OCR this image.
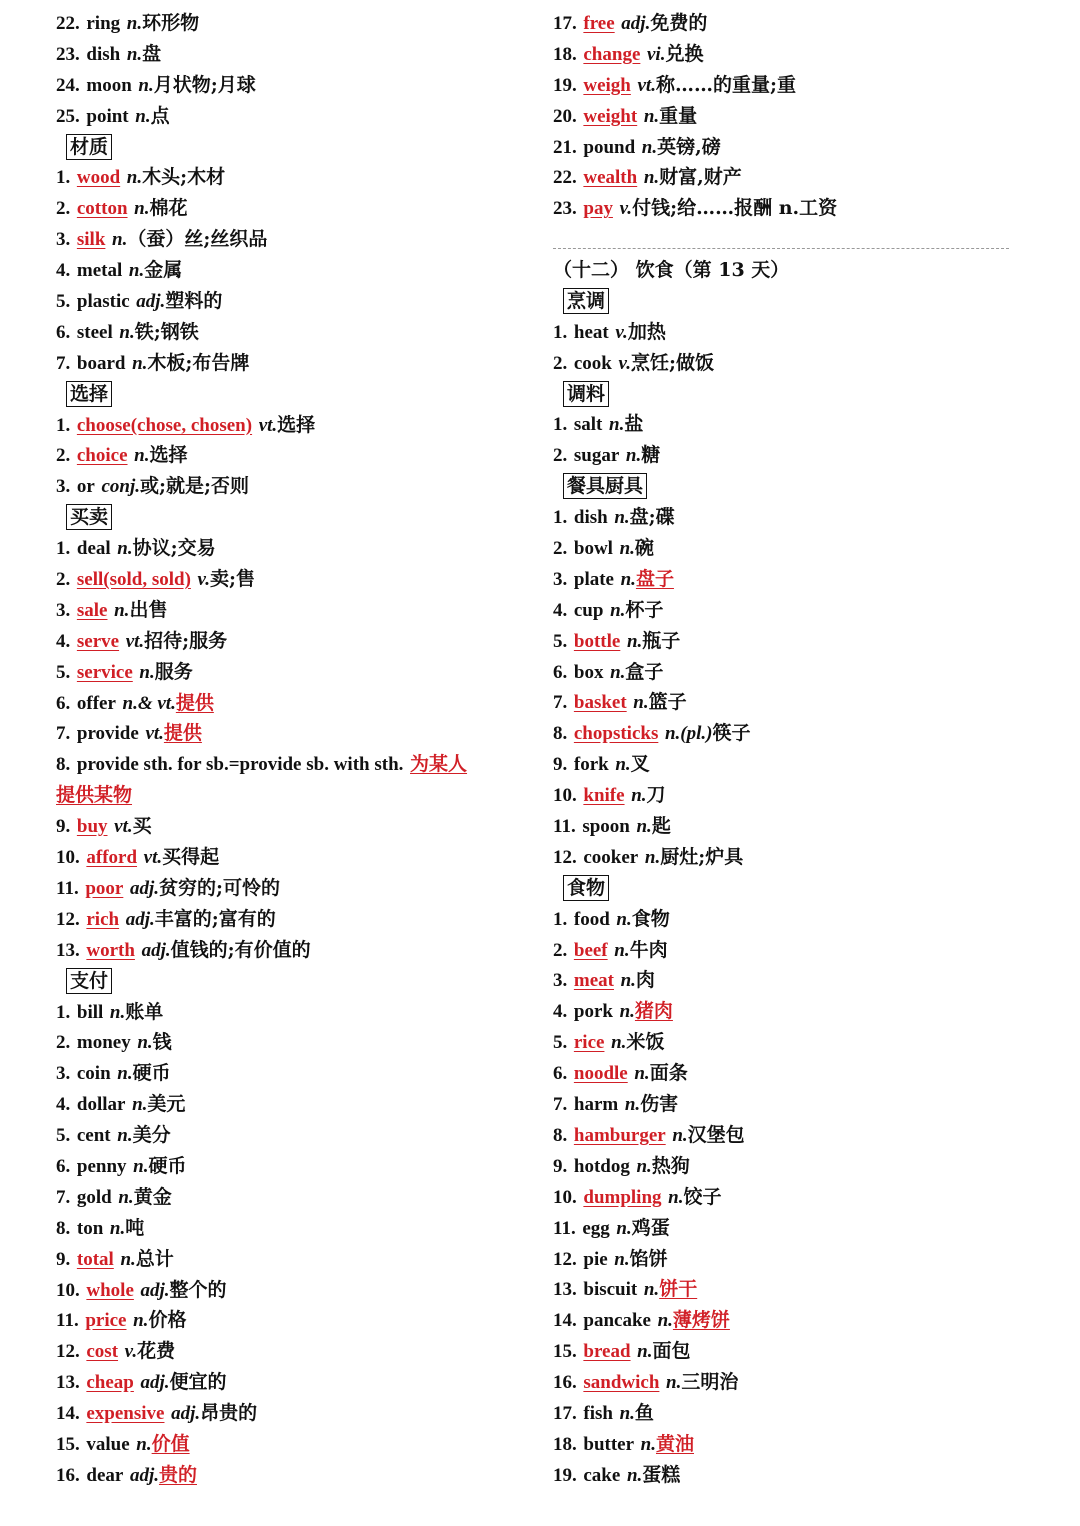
22. ring n.环形物
23. dish n.盘
24. moon n.月状物;月球
25. point n.点
材质
1. wood n.木头;木材
2. cotton n.棉花
3. silk n.（蚕）丝;丝织品
4. metal n.金属
5. plastic adj.塑料的
6. steel n.铁;钢铁
7. board n.木板;布告牌
选择
1. choose(chose, chosen) vt.选择
2. choice n.选择
3. or conj.或;就是;否则
买卖
1. deal n.协议;交易
2. sell(sold, sold) v.卖;售
3. sale n.出售
4. serve vt.招待;服务
5. service n.服务
6. offer n.& vt.提供
7. provide vt.提供
8. provide sth. for sb.=provide sb. with sth. 为某人
提供某物
9. buy vt.买
10. afford vt.买得起
11. poor adj.贫穷的;可怜的
12. rich adj.丰富的;富有的
13. worth adj.值钱的;有价值的
支付
1. bill n.账单
2. money n.钱
3. coin n.硬币
4. dollar n.美元
5. cent n.美分
6. penny n.硬币
7. gold n.黄金
8. ton n.吨
9. total n.总计
10. whole adj.整个的
11. price n.价格
12. cost v.花费
13. cheap adj.便宜的
14. expensive adj.昂贵的
15. value n.价值
16. dear adj.贵的
17. free adj.免费的
18. change vi.兑换
19. weigh vt.称……的重量;重
20. weight n.重量
21. pound n.英镑,磅
22. wealth n.财富,财产
23. pay v.付钱;给……报酬 n.工资
（十二） 饮食（第 13 天）
烹调
1. heat v.加热
2. cook v.烹饪;做饭
调料
1. salt n.盐
2. sugar n.糖
餐具厨具
1. dish n.盘;碟
2. bowl n.碗
3. plate n.盘子
4. cup n.杯子
5. bottle n.瓶子
6. box n.盒子
7. basket n.篮子
8. chopsticks n.(pl.)筷子
9. fork n.叉
10. knife n.刀
11. spoon n.匙
12. cooker n.厨灶;炉具
食物
1. food n.食物
2. beef n.牛肉
3. meat n.肉
4. pork n.猪肉
5. rice n.米饭
6. noodle n.面条
7. harm n.伤害
8. hamburger n.汉堡包
9. hotdog n.热狗
10. dumpling n.饺子
11. egg n.鸡蛋
12. pie n.馅饼
13. biscuit n.饼干
14. pancake n.薄烤饼
15. bread n.面包
16. sandwich n.三明治
17. fish n.鱼
18. butter n.黄油
19. cake n.蛋糕
